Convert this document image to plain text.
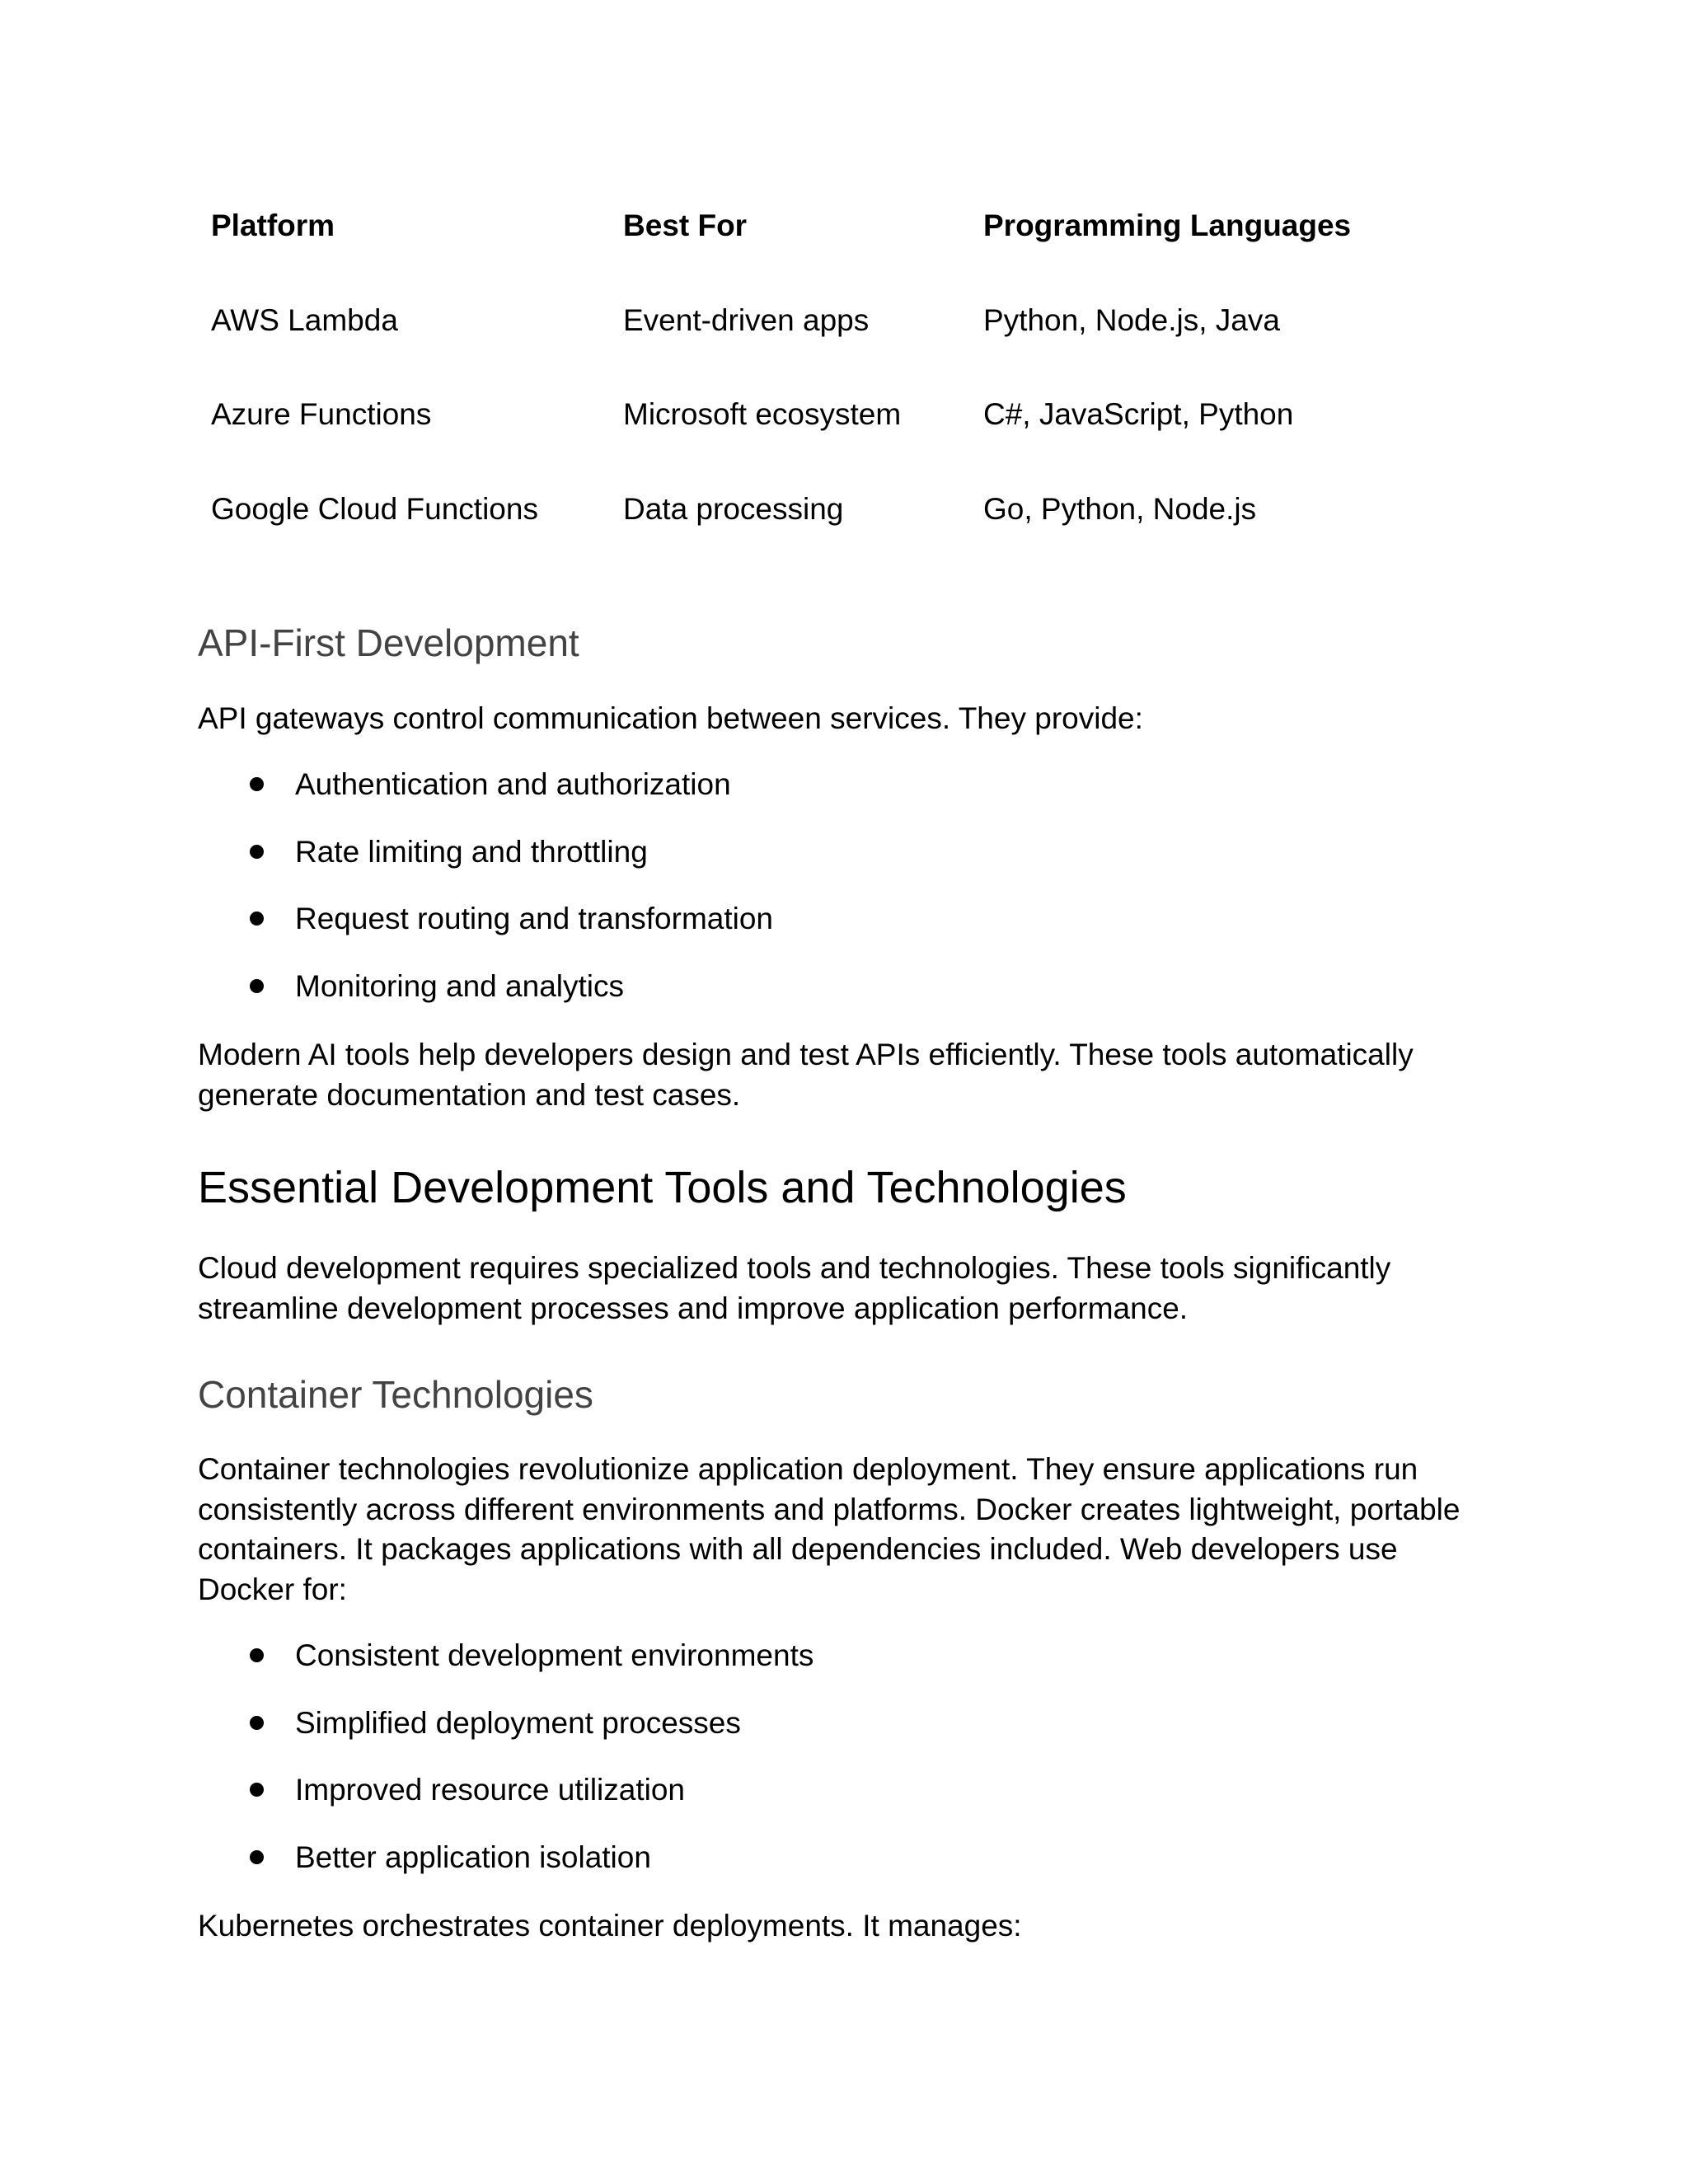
Platform	Best For	Programming Languages
AWS Lambda	Event-driven apps	Python, Node.js, Java
Azure Functions	Microsoft ecosystem	C#, JavaScript, Python
Google Cloud Functions	Data processing	Go, Python, Node.js
API-First Development

API gateways control communication between services. They provide:

Authentication and authorization
Rate limiting and throttling
Request routing and transformation
Monitoring and analytics

Modern AI tools help developers design and test APIs efficiently. These tools automatically
generate documentation and test cases.

Essential Development Tools and Technologies

Cloud development requires specialized tools and technologies. These tools significantly
streamline development processes and improve application performance.

Container Technologies

Container technologies revolutionize application deployment. They ensure applications run
consistently across different environments and platforms. Docker creates lightweight, portable
containers. It packages applications with all dependencies included. Web developers use
Docker for:

Consistent development environments
Simplified deployment processes
Improved resource utilization
Better application isolation

Kubernetes orchestrates container deployments. It manages:
